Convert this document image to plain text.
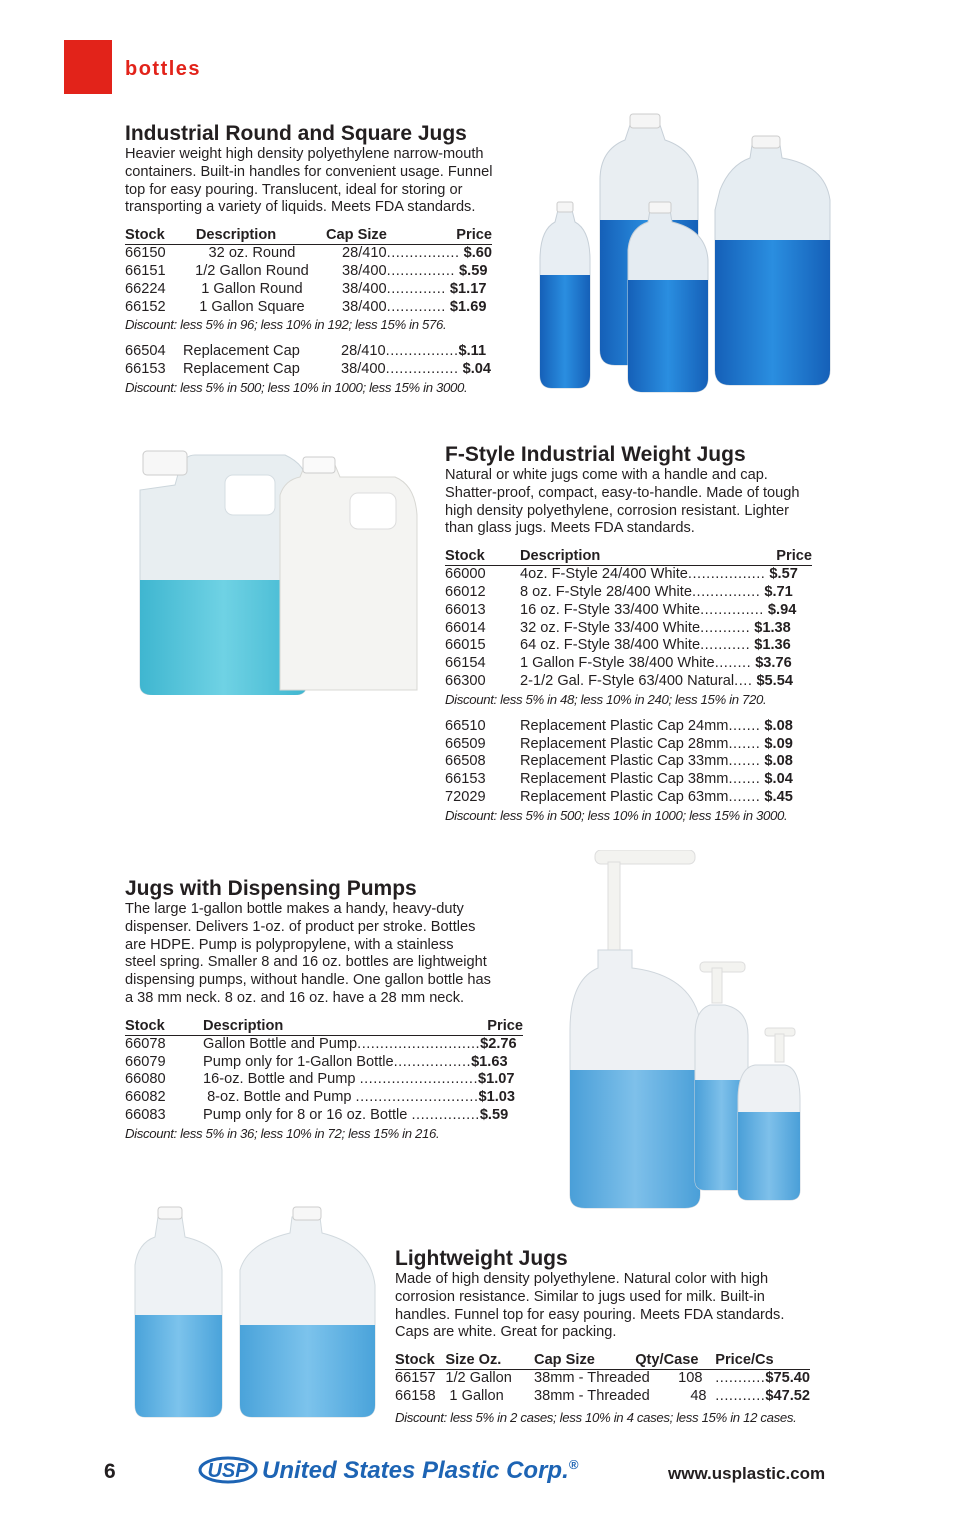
bottles
Industrial Round and Square Jugs

Heavier weight high density polyethylene narrow-mouth
containers. Built-in handles for convenient usage. Funnel
top for easy pouring. Translucent, ideal for storing or
transporting a variety of liquids. Meets FDA standards.

Stock	Description	Cap Size	Price
66150	32 oz. Round	28/410................ $.60	
66151	1/2 Gallon Round	38/400............... $.59	
66224	1 Gallon Round	38/400............. $1.17	
66152	1 Gallon Square	38/400............. $1.69	
Discount: less 5% in 96; less 10% in 192; less 15% in 576.
66504	Replacement Cap	28/410................$.11
66153	Replacement Cap	38/400................ $.04
Discount: less 5% in 500; less 10% in 1000; less 15% in 3000.
F-Style Industrial Weight Jugs

Natural or white jugs come with a handle and cap.
Shatter-proof, compact, easy-to-handle. Made of tough
high density polyethylene, corrosion resistant. Lighter
than glass jugs. Meets FDA standards.

Stock	Description	Price
66000	4oz. F-Style 24/400 White................. $.57	
66012	8 oz. F-Style 28/400 White............... $.71	
66013	16 oz. F-Style 33/400 White.............. $.94	
66014	32 oz. F-Style 33/400 White........... $1.38	
66015	64 oz. F-Style 38/400 White........... $1.36	
66154	1 Gallon F-Style 38/400 White........ $3.76	
66300	2-1/2 Gal. F-Style 63/400 Natural.... $5.54	
Discount: less 5% in 48; less 10% in 240; less 15% in 720.
66510	Replacement Plastic Cap 24mm....... $.08
66509	Replacement Plastic Cap 28mm....... $.09
66508	Replacement Plastic Cap 33mm....... $.08
66153	Replacement Plastic Cap 38mm....... $.04
72029	Replacement Plastic Cap 63mm....... $.45
Discount: less 5% in 500; less 10% in 1000; less 15% in 3000.
Jugs with Dispensing Pumps

The large 1-gallon bottle makes a handy, heavy-duty
dispenser. Delivers 1-oz. of product per stroke. Bottles
are HDPE. Pump is polypropylene, with a stainless
steel spring. Smaller 8 and 16 oz. bottles are lightweight
dispensing pumps, without handle. One gallon bottle has
a 38 mm neck. 8 oz. and 16 oz. have a 28 mm neck.

Stock	Description	Price
66078	Gallon Bottle and Pump...........................$2.76	
66079	Pump only for 1-Gallon Bottle.................$1.63	
66080	16-oz. Bottle and Pump ..........................$1.07	
66082	8-oz. Bottle and Pump ...........................$1.03	
66083	Pump only for 8 or 16 oz. Bottle ...............$.59	
Discount: less 5% in 36; less 10% in 72; less 15% in 216.
Lightweight Jugs

Made of high density polyethylene. Natural color with high
corrosion resistance. Similar to jugs used for milk. Built-in
handles. Funnel top for easy pouring. Meets FDA standards.
Caps are white. Great for packing.

Stock	Size Oz.	Cap Size	Qty/Case	Price/Cs
66157	1/2 Gallon	38mm - Threaded 108		...........$75.40
66158	1 Gallon	38mm - Threaded 48		...........$47.52
Discount: less 5% in 2 cases; less 10% in 4 cases; less 15% in 12 cases.
6	USP United States Plastic Corp.®	www.usplastic.com
